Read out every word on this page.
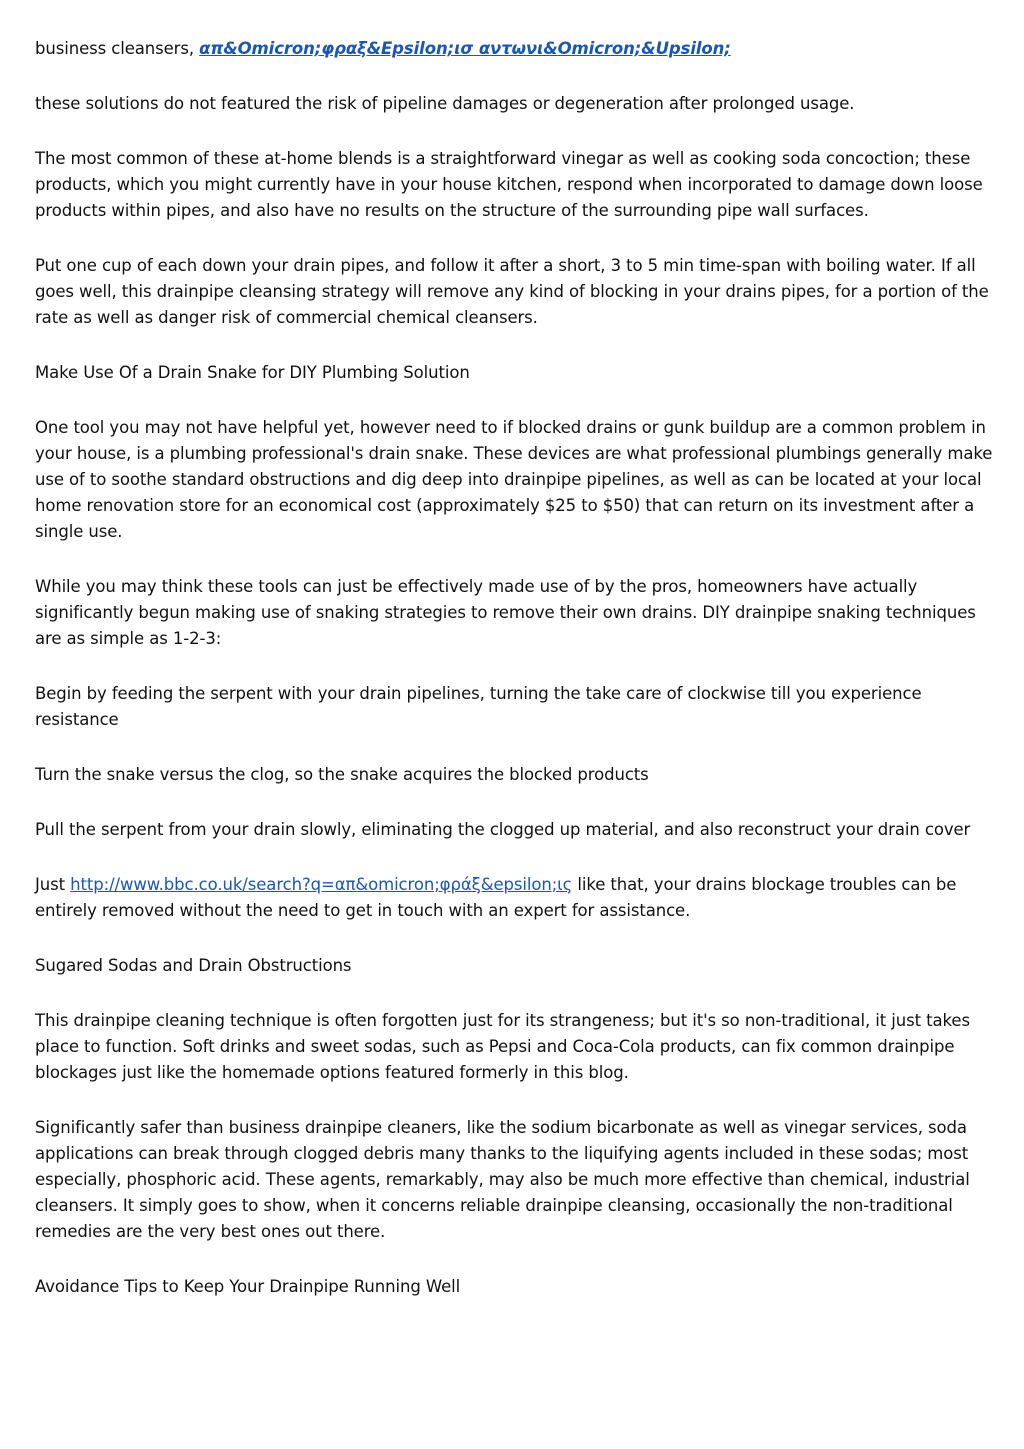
business cleansers, απ&Omicron;φραξ&Epsilon;ισ αντωνι&Omicron;&Upsilon;

these solutions do not featured the risk of pipeline damages or degeneration after prolonged usage.

The most common of these at-home blends is a straightforward vinegar as well as cooking soda concoction; these products, which you might currently have in your house kitchen, respond when incorporated to damage down loose products within pipes, and also have no results on the structure of the surrounding pipe wall surfaces.

Put one cup of each down your drain pipes, and follow it after a short, 3 to 5 min time-span with boiling water. If all goes well, this drainpipe cleansing strategy will remove any kind of blocking in your drains pipes, for a portion of the rate as well as danger risk of commercial chemical cleansers.

Make Use Of a Drain Snake for DIY Plumbing Solution

One tool you may not have helpful yet, however need to if blocked drains or gunk buildup are a common problem in your house, is a plumbing professional's drain snake. These devices are what professional plumbings generally make use of to soothe standard obstructions and dig deep into drainpipe pipelines, as well as can be located at your local home renovation store for an economical cost (approximately $25 to $50) that can return on its investment after a single use.

While you may think these tools can just be effectively made use of by the pros, homeowners have actually significantly begun making use of snaking strategies to remove their own drains. DIY drainpipe snaking techniques are as simple as 1-2-3:

Begin by feeding the serpent with your drain pipelines, turning the take care of clockwise till you experience resistance

Turn the snake versus the clog, so the snake acquires the blocked products

Pull the serpent from your drain slowly, eliminating the clogged up material, and also reconstruct your drain cover

Just http://www.bbc.co.uk/search?q=απ&omicron;φράξ&epsilon;ις like that, your drains blockage troubles can be entirely removed without the need to get in touch with an expert for assistance.

Sugared Sodas and Drain Obstructions

This drainpipe cleaning technique is often forgotten just for its strangeness; but it's so non-traditional, it just takes place to function. Soft drinks and sweet sodas, such as Pepsi and Coca-Cola products, can fix common drainpipe blockages just like the homemade options featured formerly in this blog.

Significantly safer than business drainpipe cleaners, like the sodium bicarbonate as well as vinegar services, soda applications can break through clogged debris many thanks to the liquifying agents included in these sodas; most especially, phosphoric acid. These agents, remarkably, may also be much more effective than chemical, industrial cleansers. It simply goes to show, when it concerns reliable drainpipe cleansing, occasionally the non-traditional remedies are the very best ones out there.

Avoidance Tips to Keep Your Drainpipe Running Well
